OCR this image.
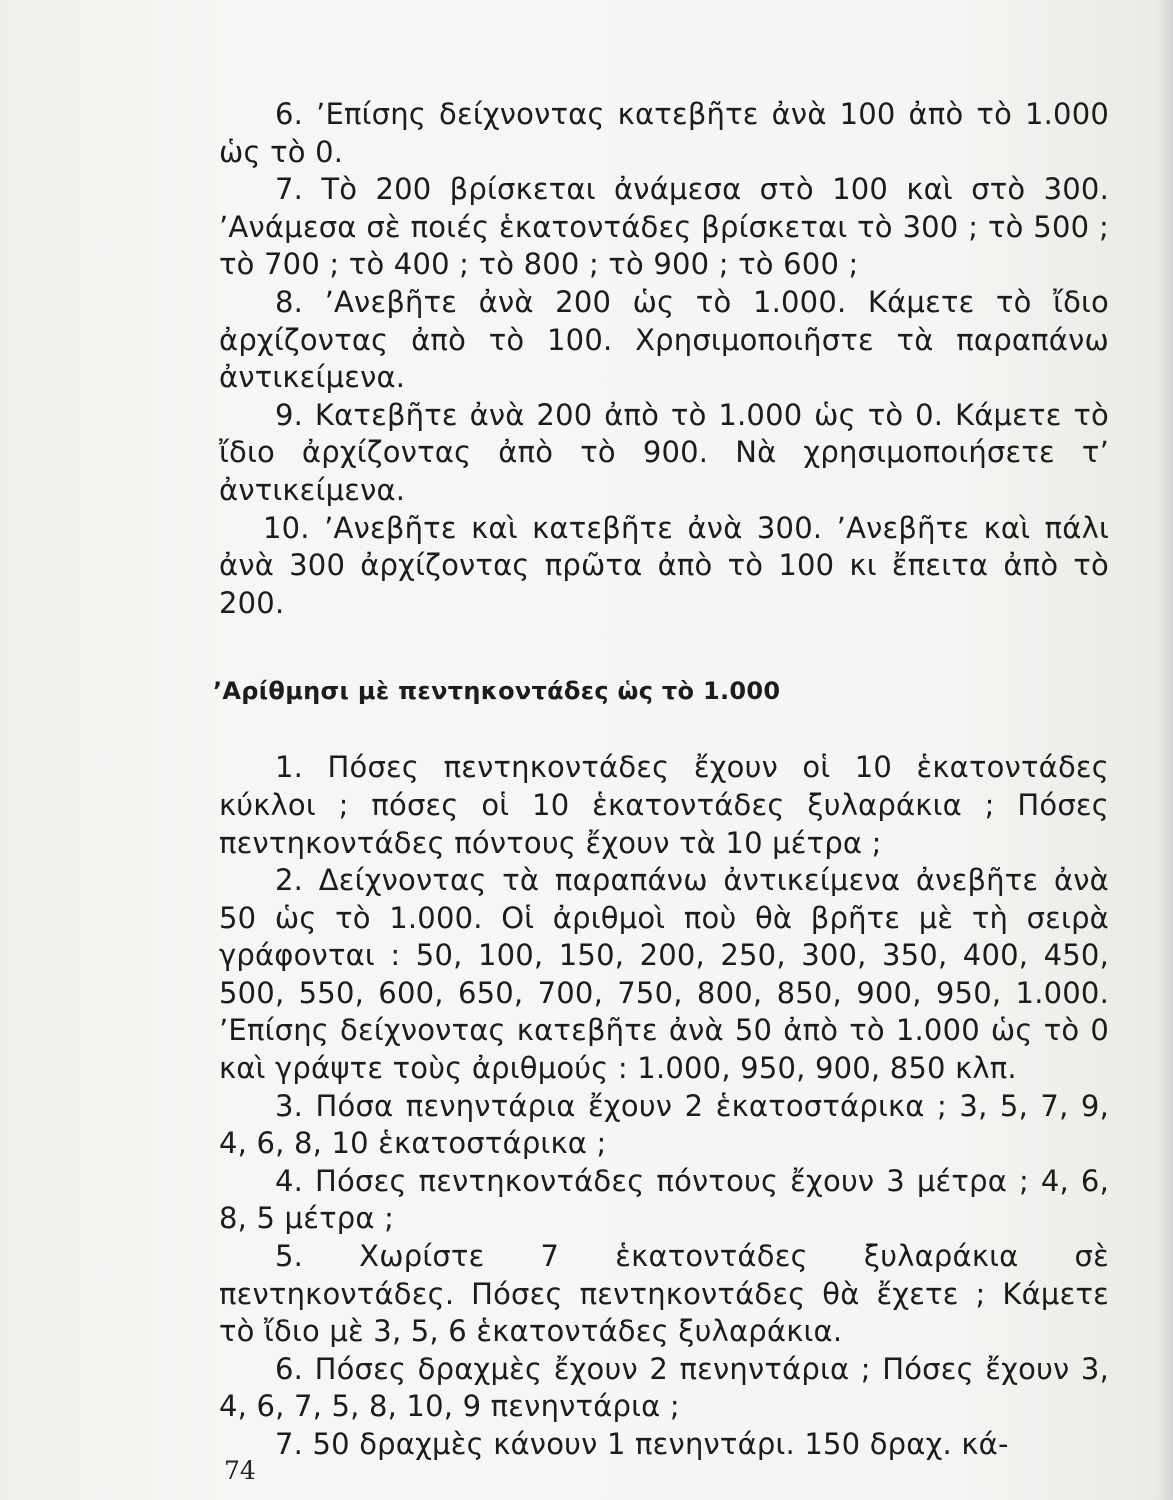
6. ’Επίσης δείχνοντας κατεβῆτε ἀνὰ 100 ἀπὸ τὸ 1.000 ὡς τὸ 0.

7. Τὸ 200 βρίσκεται ἀνάμεσα στὸ 100 καὶ στὸ 300. ’Ανάμεσα σὲ ποιές ἑκατοντάδες βρίσκεται τὸ 300 ; τὸ 500 ; τὸ 700 ; τὸ 400 ; τὸ 800 ; τὸ 900 ; τὸ 600 ;

8. ’Ανεβῆτε ἀνὰ 200 ὡς τὸ 1.000. Κάμετε τὸ ἴδιο ἀρχίζοντας ἀπὸ τὸ 100. Χρησιμοποιῆστε τὰ παραπάνω ἀντικείμενα.

9. Κατεβῆτε ἀνὰ 200 ἀπὸ τὸ 1.000 ὡς τὸ 0. Κάμετε τὸ ἴδιο ἀρχίζοντας ἀπὸ τὸ 900. Νὰ χρησιμοποιήσετε τ’ ἀντικείμενα.

10. ’Ανεβῆτε καὶ κατεβῆτε ἀνὰ 300. ’Ανεβῆτε καὶ πάλι ἀνὰ 300 ἀρχίζοντας πρῶτα ἀπὸ τὸ 100 κι ἔπειτα ἀπὸ τὸ 200.

’Αρίθμησι μὲ πεντηκοντάδες ὡς τὸ 1.000

1. Πόσες πεντηκοντάδες ἔχουν οἱ 10 ἑκατοντάδες κύκλοι ; πόσες οἱ 10 ἑκατοντάδες ξυλαράκια ; Πόσες πεντηκοντάδες πόντους ἔχουν τὰ 10 μέτρα ;

2. Δείχνοντας τὰ παραπάνω ἀντικείμενα ἀνεβῆτε ἀνὰ 50 ὡς τὸ 1.000. Οἱ ἀριθμοὶ ποὺ θὰ βρῆτε μὲ τὴ σειρὰ γράφονται : 50, 100, 150, 200, 250, 300, 350, 400, 450, 500, 550, 600, 650, 700, 750, 800, 850, 900, 950, 1.000. ’Επίσης δείχνοντας κατεβῆτε ἀνὰ 50 ἀπὸ τὸ 1.000 ὡς τὸ 0 καὶ γράψτε τοὺς ἀριθμούς : 1.000, 950, 900, 850 κλπ.

3. Πόσα πενηντάρια ἔχουν 2 ἑκατοστάρικα ; 3, 5, 7, 9, 4, 6, 8, 10 ἑκατοστάρικα ;

4. Πόσες πεντηκοντάδες πόντους ἔχουν 3 μέτρα ; 4, 6, 8, 5 μέτρα ;

5. Χωρίστε 7 ἑκατοντάδες ξυλαράκια σὲ πεντηκοντάδες. Πόσες πεντηκοντάδες θὰ ἔχετε ; Κάμετε τὸ ἴδιο μὲ 3, 5, 6 ἑκατοντάδες ξυλαράκια.

6. Πόσες δραχμὲς ἔχουν 2 πενηντάρια ; Πόσες ἔχουν 3, 4, 6, 7, 5, 8, 10, 9 πενηντάρια ;

7. 50 δραχμὲς κάνουν 1 πενηντάρι. 150 δραχ. κά-

74
